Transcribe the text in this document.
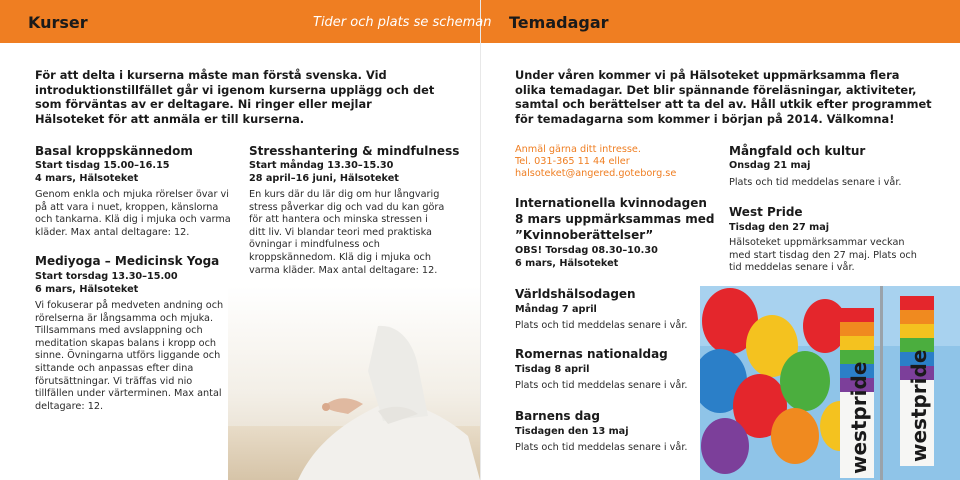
Kurser	Tider och plats se scheman Temadagar
För att delta i kurserna måste man förstå svenska. Vid introduktionstillfället går vi igenom kurserna upplägg och det som förväntas av er deltagare. Ni ringer eller mejlar Hälsoteket för att anmäla er till kurserna.
Basal kroppskännedom
Start tisdag 15.00–16.15
4 mars, Hälsoteket
Genom enkla och mjuka rörelser övar vi på att vara i nuet, kroppen, känslorna och tankarna. Klä dig i mjuka och varma kläder. Max antal deltagare: 12.
Mediyoga – Medicinsk Yoga
Start torsdag 13.30–15.00
6 mars, Hälsoteket
Vi fokuserar på medveten andning och rörelserna är långsamma och mjuka. Tillsammans med avslappning och meditation skapas balans i kropp och sinne. Övningarna utförs liggande och sittande och anpassas efter dina förutsättningar. Vi träffas vid nio tillfällen under värterminen. Max antal deltagare: 12.
Stresshantering & mindfulness
Start måndag 13.30–15.30
28 april–16 juni, Hälsoteket
En kurs där du lär dig om hur långvarig stress påverkar dig och vad du kan göra för att hantera och minska stressen i ditt liv. Vi blandar teori med praktiska övningar i mindfulness och kroppskännedom. Klä dig i mjuka och varma kläder. Max antal deltagare: 12.
Under våren kommer vi på Hälsoteket uppmärksamma flera olika temadagar. Det blir spännande föreläsningar, aktiviteter, samtal och berättelser att ta del av. Håll utkik efter programmet för temadagarna som kommer i början på 2014. Välkomna!
Anmäl gärna ditt intresse.
Tel. 031-365 11 44 eller
halsoteket@angered.goteborg.se
Internationella kvinnodagen
8 mars uppmärksammas med
”Kvinnoberättelser”
OBS! Torsdag 08.30–10.30
6 mars, Hälsoteket
Världshälsodagen
Måndag 7 april
Plats och tid meddelas senare i vår.
Romernas nationaldag
Tisdag 8 april
Plats och tid meddelas senare i vår.
Barnens dag
Tisdagen den 13 maj
Plats och tid meddelas senare i vår.
Mångfald och kultur
Onsdag 21 maj
Plats och tid meddelas senare i vår.
West Pride
Tisdag den 27 maj
Hälsoteket uppmärksammar veckan med start tisdag den 27 maj. Plats och tid meddelas senare i vår.
westpride westpride
